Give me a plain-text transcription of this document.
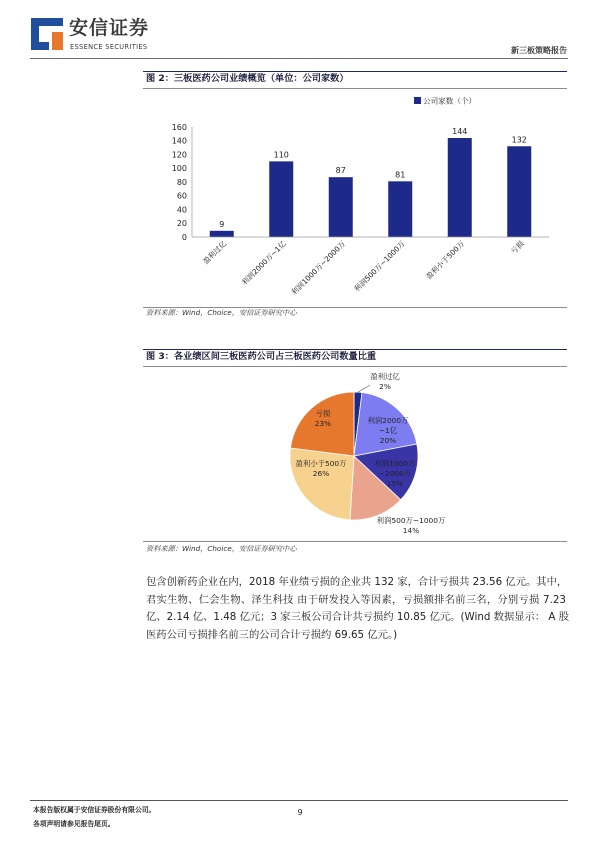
安信证券
ESSENCE SECURITIES	新三板策略报告
图 2：三板医药公司业绩概览（单位：公司家数）
0
20
40
60
80
100
120
140
160
9
盈利过亿
110
利润2000万~1亿
87
利润1000万~2000万
81
利润500万~1000万
144
盈利小于500万
132
亏损
公司家数（个）
资料来源：Wind，Choice，安信证券研究中心
图 3：各业绩区间三板医药公司占三板医药公司数量比重
盈利过亿
2%
利润2000万
~1亿
20%
利润1000万
~2000万
15%
利润500万~1000万
14%
盈利小于500万
26%
亏损
23%
资料来源：Wind，Choice，安信证券研究中心
包含创新药企业在内，2018 年业绩亏损的企业共 132 家，合计亏损共 23.56 亿元。其中，
君实生物、仁会生物、泽生科技 由于研发投入等因素，亏损额排名前三名，分别亏损 7.23
亿、2.14 亿、1.48 亿元；3 家三板公司合计共亏损约 10.85 亿元。(Wind 数据显示： A 股
医药公司亏损排名前三的公司合计亏损约 69.65 亿元。)
本报告版权属于安信证券股份有限公司。
各项声明请参见报告尾页。
9
